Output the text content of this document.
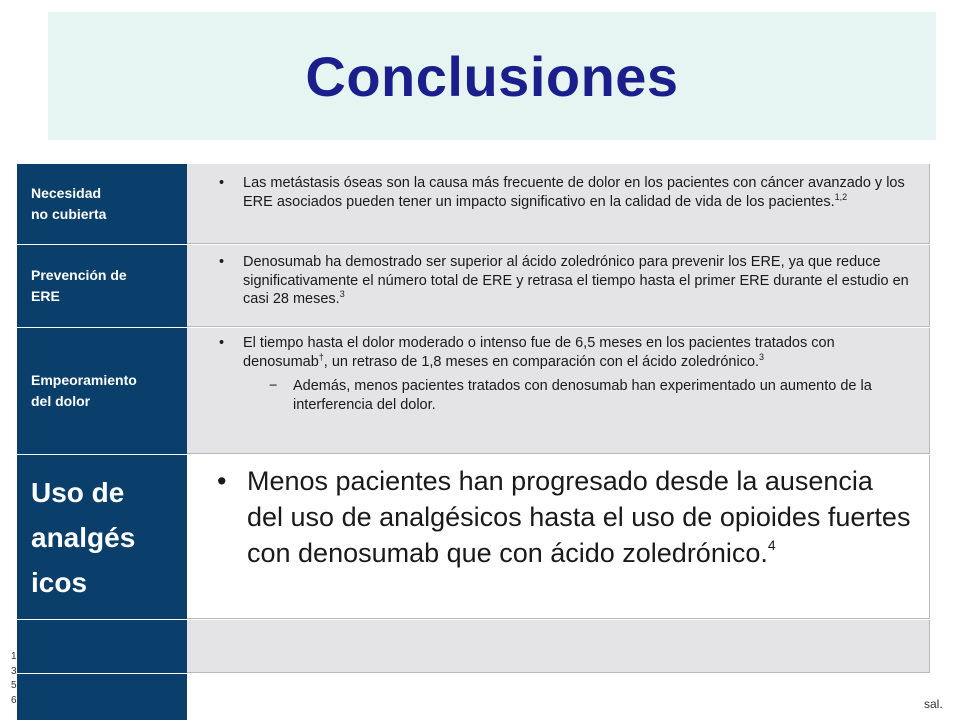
Conclusiones
Necesidad
no cubierta
• Las metástasis óseas son la causa más frecuente de dolor en los pacientes con cáncer avanzado y los ERE asociados pueden tener un impacto significativo en la calidad de vida de los pacientes.$^{1,2}$
Prevención de
ERE
• Denosumab ha demostrado ser superior al ácido zoledrónico para prevenir los ERE, ya que reduce significativamente el número total de ERE y retrasa el tiempo hasta el primer ERE durante el estudio en casi 28 meses.$^3$
Empeoramiento
del dolor
• El tiempo hasta el dolor moderado o intenso fue de 6,5 meses en los pacientes tratados con denosumab†, un retraso de 1,8 meses en comparación con el ácido zoledrónico.$^3$
− Además, menos pacientes tratados con denosumab han experimentado un aumento de la interferencia del dolor.
Uso de
analgés
icos
• Menos pacientes han progresado desde la ausencia del uso de analgésicos hasta el uso de opioides fuertes con denosumab que con ácido zoledrónico.$^4$
1
3
5
6	sal.
